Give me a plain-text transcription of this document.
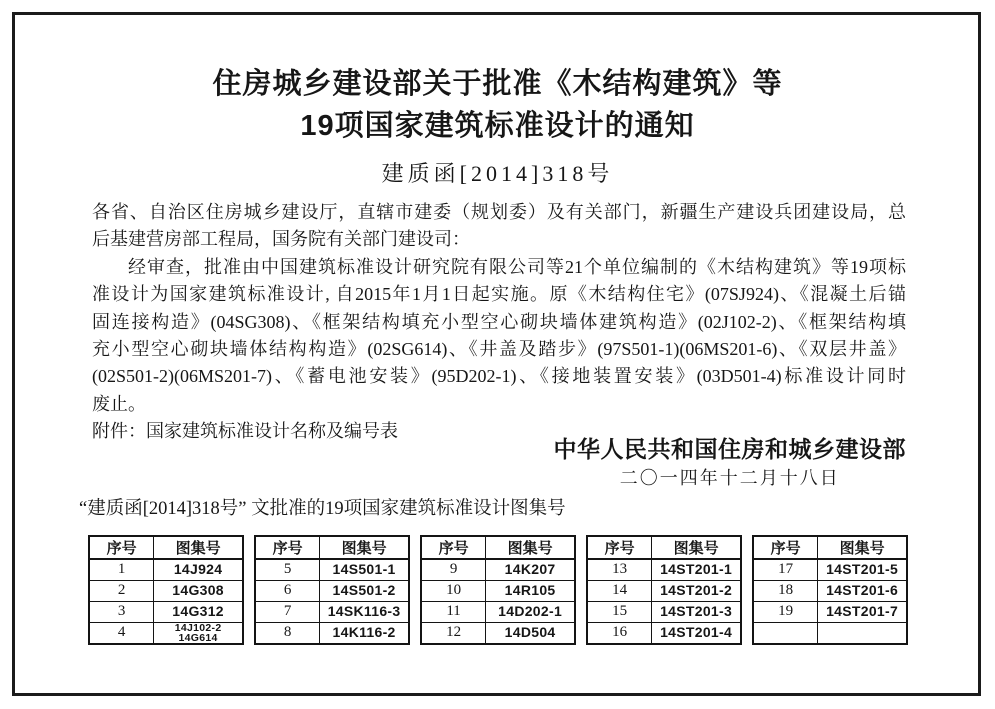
住房城乡建设部关于批准《木结构建筑》等
19项国家建筑标准设计的通知
建质函[2014]318号
各省、自治区住房城乡建设厅，直辖市建委（规划委）及有关部门，新疆生产建设兵团建设局，总
后基建营房部工程局，国务院有关部门建设司：
经审查，批准由中国建筑标准设计研究院有限公司等21个单位编制的《木结构建筑》等19项标
准设计为国家建筑标准设计, 自2015年1月1日起实施。原《木结构住宅》(07SJ924)、《混凝土后锚
固连接构造》(04SG308)、《框架结构填充小型空心砌块墙体建筑构造》(02J102-2)、《框架结构填
充小型空心砌块墙体结构构造》(02SG614)、《井盖及踏步》(97S501-1)(06MS201-6)、《双层井盖》
(02S501-2)(06MS201-7)、《蓄电池安装》(95D202-1)、《接地装置安装》(03D501-4)标准设计同时
废止。
附件：国家建筑标准设计名称及编号表
中华人民共和国住房和城乡建设部
二〇一四年十二月十八日
“建质函[2014]318号” 文批准的19项国家建筑标准设计图集号
序号	图集号
1	14J924

2	14G308

3	14G312

4	14J102-2
14G614
序号	图集号
5	14S501-1

6	14S501-2

7	14SK116-3

8	14K116-2
序号	图集号
9	14K207

10	14R105

11	14D202-1

12	14D504
序号	图集号
13	14ST201-1

14	14ST201-2

15	14ST201-3

16	14ST201-4
序号	图集号
17	14ST201-5

18	14ST201-6

19	14ST201-7
